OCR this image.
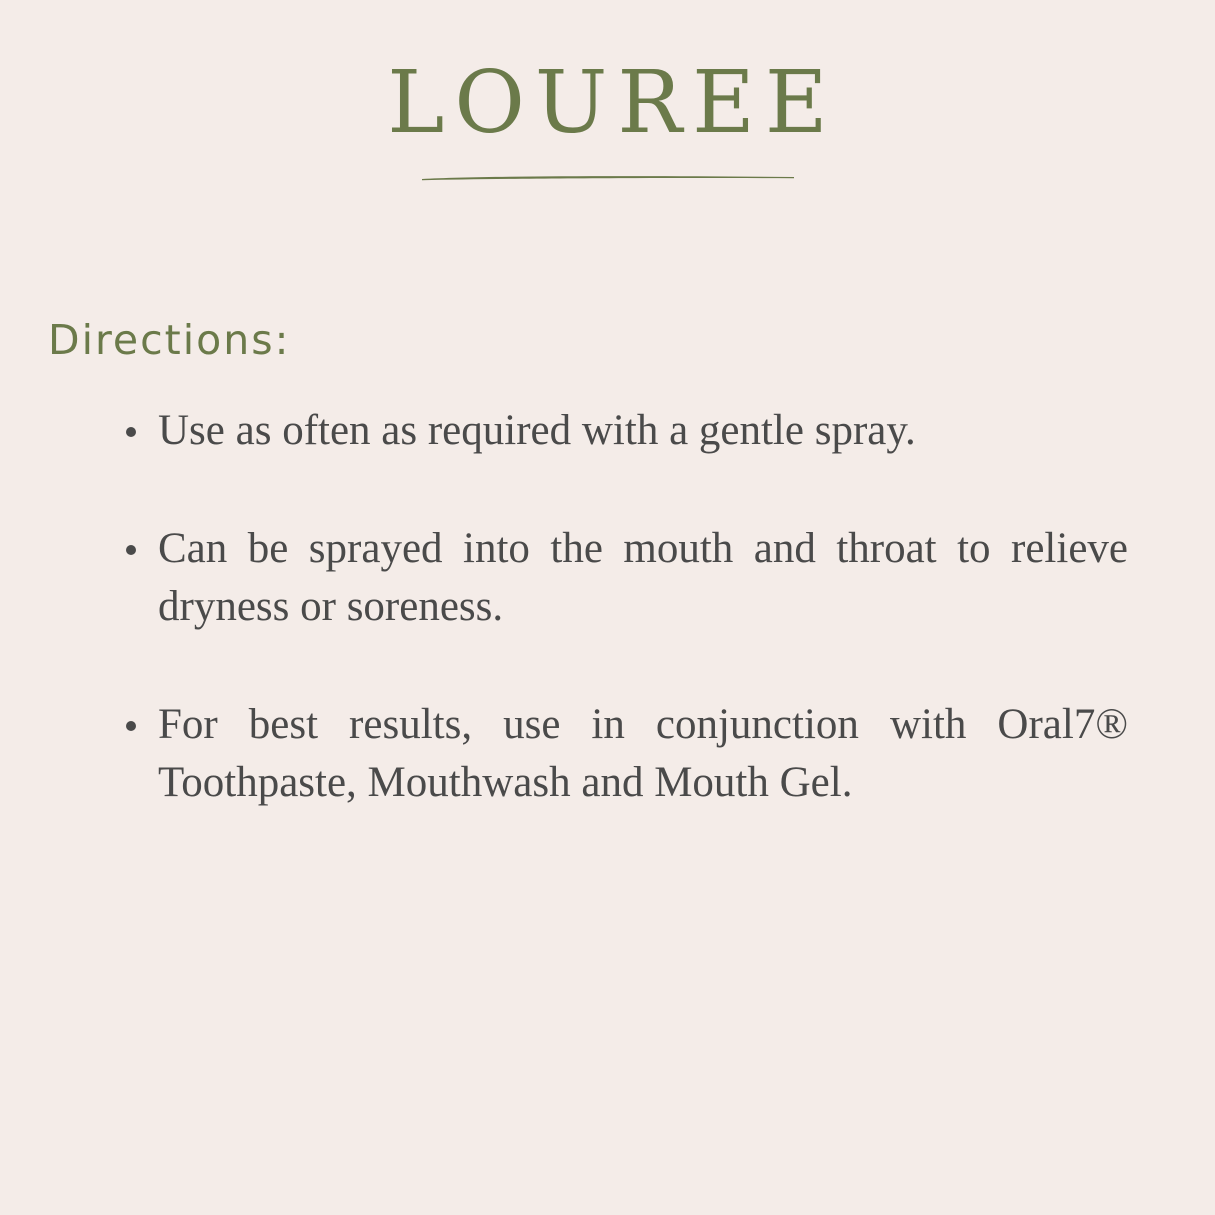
LOUREE
Directions:
Use as often as required with a gentle spray.
Can be sprayed into the mouth and throat to relieve dryness or soreness.
For best results, use in conjunction with Oral7® Toothpaste, Mouthwash and Mouth Gel.
